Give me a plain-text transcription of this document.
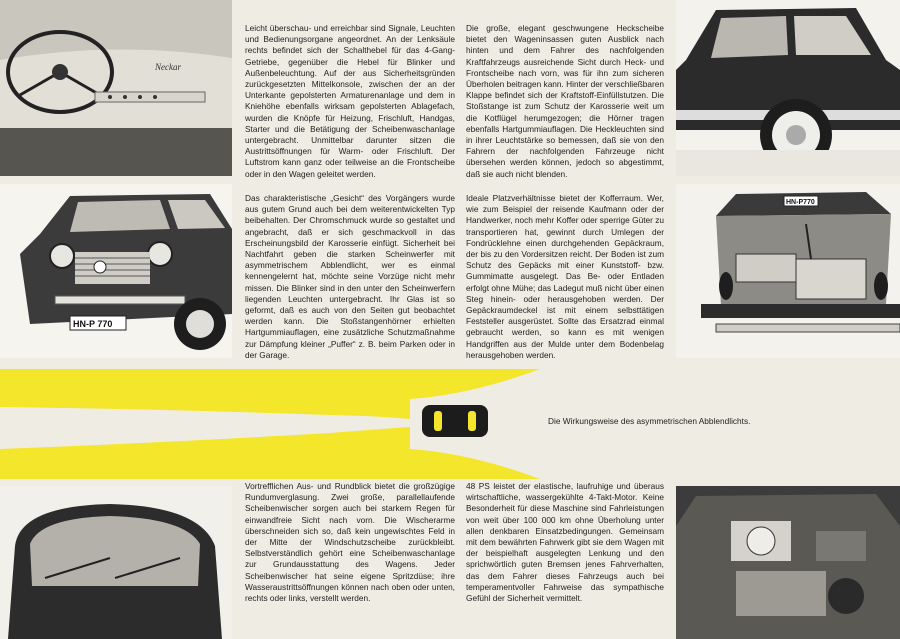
Neckar
HN-P 770
HN-P770

Leicht überschau- und erreichbar sind Signale, Leuchten und Bedienungsorgane angeordnet. An der Lenksäule rechts befindet sich der Schalthebel für das 4-Gang-Getriebe, gegenüber die Hebel für Blinker und Außenbeleuchtung. Auf der aus Sicherheitsgründen zurückgesetzten Mittelkonsole, zwischen der an der Unterkante gepolsterten Armaturenanlage und dem in Kniehöhe ebenfalls wirksam gepolsterten Ablagefach, wurden die Knöpfe für Heizung, Frischluft, Handgas, Starter und die Betätigung der Scheibenwaschanlage untergebracht. Unmittelbar darunter sitzen die Austrittsöffnungen für Warm- oder Frischluft. Der Luftstrom kann ganz oder teilweise an die Frontscheibe oder in den Wagen geleitet werden.

Die große, elegant geschwungene Heckscheibe bietet den Wageninsassen guten Ausblick nach hinten und dem Fahrer des nachfolgenden Kraftfahrzeugs ausreichende Sicht durch Heck- und Frontscheibe nach vorn, was für ihn zum sicheren Überholen beitragen kann. Hinter der verschließbaren Klappe befindet sich der Kraftstoff-Einfüllstutzen. Die Stoßstange ist zum Schutz der Karosserie weit um die Kotflügel herumgezogen; die Hörner tragen ebenfalls Hartgummiauflagen. Die Heckleuchten sind in ihrer Leuchtstärke so bemessen, daß sie von den Fahrern der nachfolgenden Fahrzeuge nicht übersehen werden können, jedoch so abgestimmt, daß sie auch nicht blenden.

Das charakteristische „Gesicht“ des Vorgängers wurde aus gutem Grund auch bei dem weiterentwickelten Typ beibehalten. Der Chromschmuck wurde so gestaltet und angebracht, daß er sich geschmackvoll in das Erscheinungsbild der Karosserie einfügt. Sicherheit bei Nachtfahrt geben die starken Scheinwerfer mit asymmetrischem Abblendlicht, wer es einmal kennengelernt hat, möchte seine Vorzüge nicht mehr missen. Die Blinker sind in den unter den Scheinwerfern liegenden Leuchten untergebracht. Ihr Glas ist so geformt, daß es auch von den Seiten gut beobachtet werden kann. Die Stoßstangenhörner erhielten Hartgummiauflagen, eine zusätzliche Schutzmaßnahme zur Dämpfung kleiner „Puffer“ z. B. beim Parken oder in der Garage.

Ideale Platzverhältnisse bietet der Kofferraum. Wer, wie zum Beispiel der reisende Kaufmann oder der Handwerker, noch mehr Koffer oder sperrige Güter zu transportieren hat, gewinnt durch Umlegen der Fondrücklehne einen durchgehenden Gepäckraum, der bis zu den Vordersitzen reicht. Der Boden ist zum Schutz des Gepäcks mit einer Kunststoff- bzw. Gummimatte ausgelegt. Das Be- oder Entladen erfolgt ohne Mühe; das Ladegut muß nicht über einen Steg hinein- oder herausgehoben werden. Der Gepäckraumdeckel ist mit einem selbsttätigen Feststeller ausgerüstet. Sollte das Ersatzrad einmal gebraucht werden, so kann es mit wenigen Handgriffen aus der Mulde unter dem Bodenbelag herausgehoben werden.

Vortrefflichen Aus- und Rundblick bietet die großzügige Rundumverglasung. Zwei große, parallellaufende Scheibenwischer sorgen auch bei starkem Regen für einwandfreie Sicht nach vorn. Die Wischerarme überschneiden sich so, daß kein ungewischtes Feld in der Mitte der Windschutzscheibe zurückbleibt. Selbstverständlich gehört eine Scheibenwaschanlage zur Grundausstattung des Wagens. Jeder Scheibenwischer hat seine eigene Spritzdüse; ihre Wasseraustrittsöffnungen können nach oben oder unten, rechts oder links, verstellt werden.

48 PS leistet der elastische, laufruhige und überaus wirtschaftliche, wassergekühlte 4-Takt-Motor. Keine Besonderheit für diese Maschine sind Fahrleistungen von weit über 100 000 km ohne Überholung unter allen denkbaren Einsatzbedingungen. Gemeinsam mit dem bewährten Fahrwerk gibt sie dem Wagen mit der beispielhaft ausgelegten Lenkung und den sprichwörtlich guten Bremsen jenes Fahrverhalten, das dem Fahrer dieses Fahrzeugs auch bei temperamentvoller Fahrweise das sympathische Gefühl der Sicherheit vermittelt.

Die Wirkungsweise des asymmetrischen Abblendlichts.
